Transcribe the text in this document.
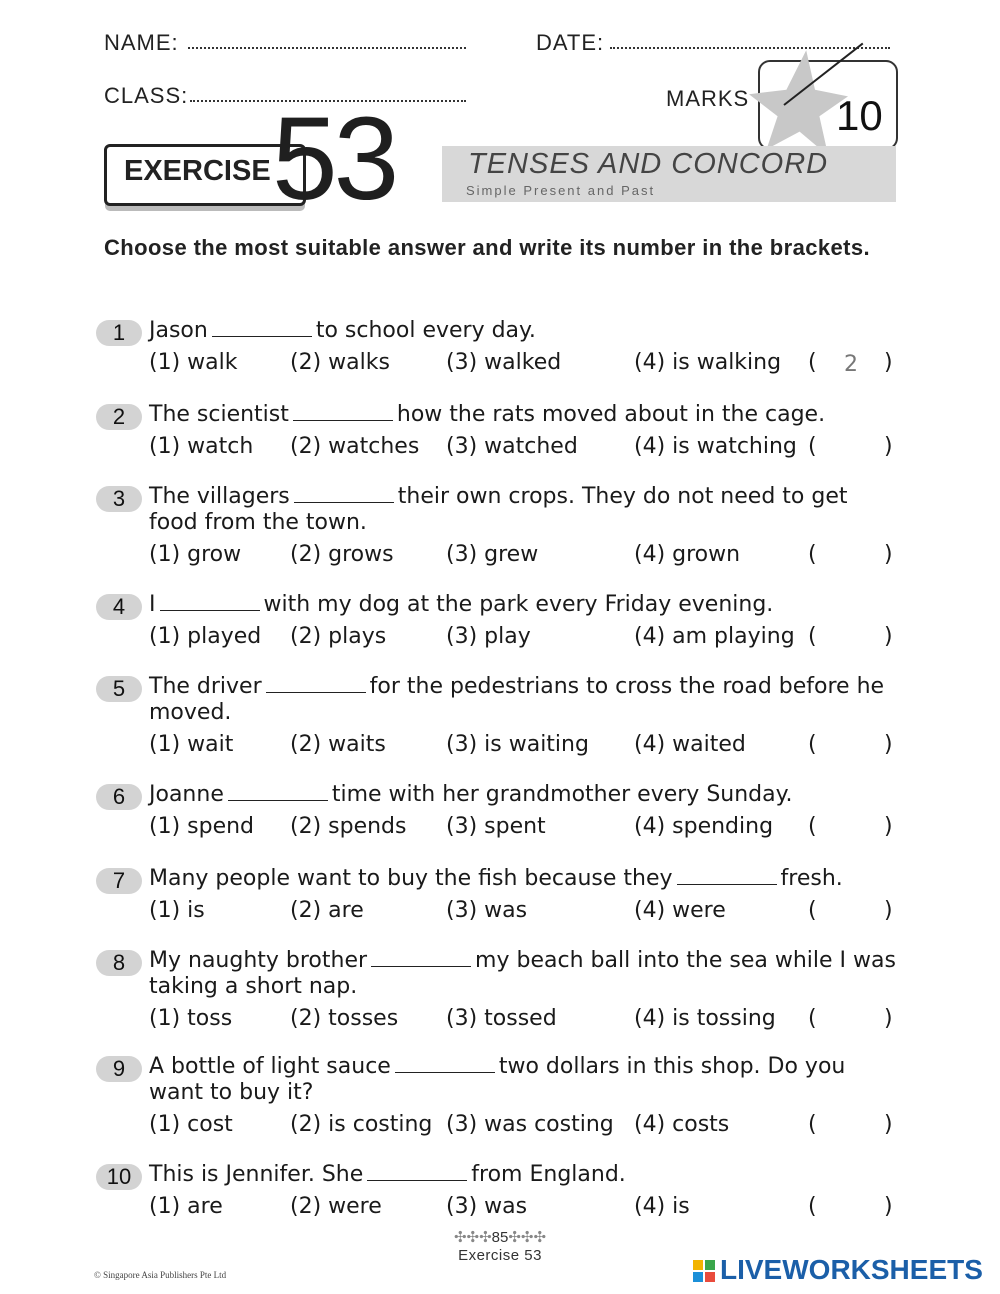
NAME:	DATE:
CLASS:	MARKS 10
EXERCISE 53	TENSES AND CONCORD
Simple Present and Past
Choose the most suitable answer and write its number in the brackets.
1	Jason	to school every day.
(1) walk (2) walks	(3) walked	(4) is walking ( 2	)
2	The scientist	how the rats moved about in the cage.
(1) watch (2) watches (3) watched	(4) is watching (	)
3	The villagers	their own crops. They do not need to get food from the town.
(1) grow (2) grows (3) grew	(4) grown	(	)
4	I	with my dog at the park every Friday evening.
(1) played (2) plays	(3) play	(4) am playing (	)
5	The driver	for the pedestrians to cross the road before he moved.
(1) wait	(2) waits	(3) is waiting (4) waited	(	)
6	Joanne	time with her grandmother every Sunday.
(1) spend (2) spends (3) spent	(4) spending (	)
7	Many people want to buy the fish because they	fresh.
(1) is	(2) are	(3) was	(4) were	(	)
8	My naughty brother	my beach ball into the sea while I was taking a short nap.
(1) toss	(2) tosses (3) tossed	(4) is tossing (	)
9	A bottle of light sauce	two dollars in this shop. Do you want to buy it?
(1) cost	(2) is costing (3) was costing (4) costs	(	)
10 This is Jennifer. She	from England.
(1) are	(2) were	(3) was	(4) is	(	)
✣✣✣85✣✣✣
Exercise 53
© Singapore Asia Publishers Pte Ltd	LIVEWORKSHEETS
